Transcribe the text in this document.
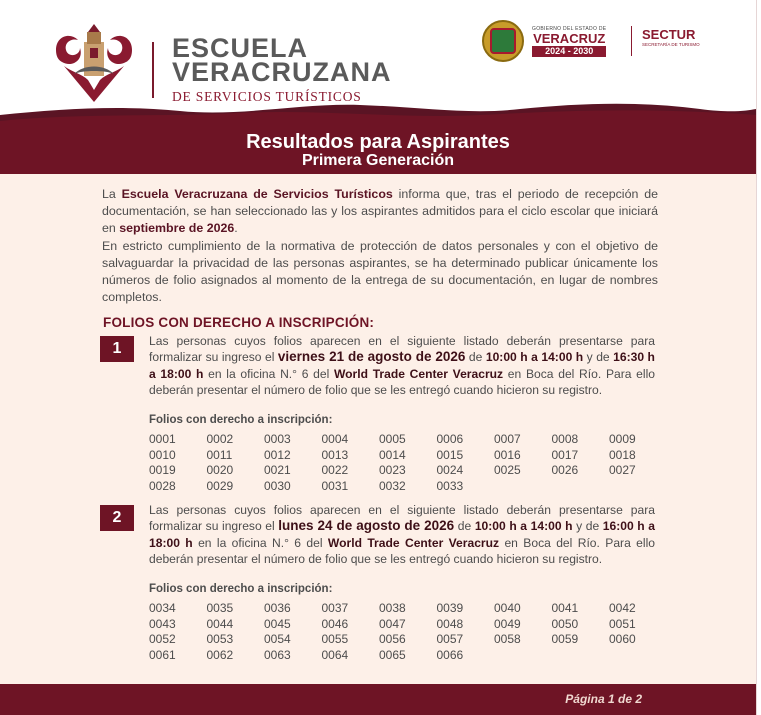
ESCUELA
VERACRUZANA
DE SERVICIOS TURÍSTICOS
GOBIERNO DEL ESTADO DE
VERACRUZ
2024 - 2030
SECTUR
SECRETARÍA DE TURISMO
Resultados para Aspirantes
Primera Generación

La Escuela Veracruzana de Servicios Turísticos informa que, tras el periodo de recepción de documentación, se han seleccionado las y los aspirantes admitidos para el ciclo escolar que iniciará en septiembre de 2026.

En estricto cumplimiento de la normativa de protección de datos personales y con el objetivo de salvaguardar la privacidad de las personas aspirantes, se ha determinado publicar únicamente los números de folio asignados al momento de la entrega de su documentación, en lugar de nombres completos.

FOLIOS CON DERECHO A INSCRIPCIÓN:
1	Las personas cuyos folios aparecen en el siguiente listado deberán presentarse para formalizar su ingreso el viernes 21 de agosto de 2026 de 10:00 h a 14:00 h y de 16:30 h a 18:00 h en la oficina N.° 6 del World Trade Center Veracruz en Boca del Río. Para ello deberán presentar el número de folio que se les entregó cuando hicieron su registro.

Folios con derecho a inscripción:
0001	0002	0003	0004	0005	0006	0007	0008	0009
0010	0011	0012	0013	0014	0015	0016	0017	0018
0019	0020	0021	0022	0023	0024	0025	0026	0027
0028	0029	0030	0031	0032	0033
2	Las personas cuyos folios aparecen en el siguiente listado deberán presentarse para formalizar su ingreso el lunes 24 de agosto de 2026 de 10:00 h a 14:00 h y de 16:00 h a 18:00 h en la oficina N.° 6 del World Trade Center Veracruz en Boca del Río. Para ello deberán presentar el número de folio que se les entregó cuando hicieron su registro.

Folios con derecho a inscripción:
0034	0035	0036	0037	0038	0039	0040	0041	0042
0043	0044	0045	0046	0047	0048	0049	0050	0051
0052	0053	0054	0055	0056	0057	0058	0059	0060
0061	0062	0063	0064	0065	0066
Página 1 de 2
